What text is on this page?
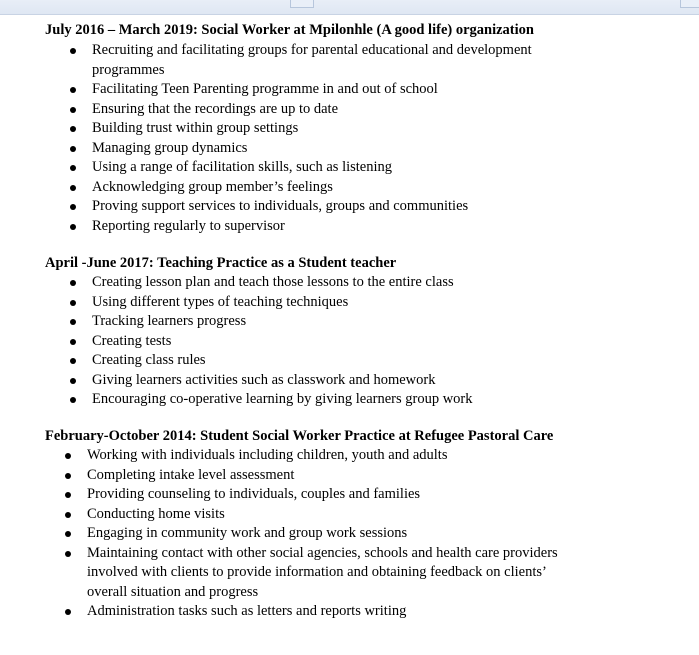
July 2016 – March 2019: Social Worker at Mpilonhle (A good life) organization
Recruiting and facilitating groups for parental educational and development
programmes
Facilitating Teen Parenting programme in and out of school
Ensuring that the recordings are up to date
Building trust within group settings
Managing group dynamics
Using a range of facilitation skills, such as listening
Acknowledging group member’s feelings
Proving support services to individuals, groups and communities
Reporting regularly to supervisor
April -June 2017: Teaching Practice as a Student teacher
Creating lesson plan and teach those lessons to the entire class
Using different types of teaching techniques
Tracking learners progress
Creating tests
Creating class rules
Giving learners activities such as classwork and homework
Encouraging co-operative learning by giving learners group work
February-October 2014: Student Social Worker Practice at Refugee Pastoral Care
Working with individuals including children, youth and adults
Completing intake level assessment
Providing counseling to individuals, couples and families
Conducting home visits
Engaging in community work and group work sessions
Maintaining contact with other social agencies, schools and health care providers
involved with clients to provide information and obtaining feedback on clients’
overall situation and progress
Administration tasks such as letters and reports writing
